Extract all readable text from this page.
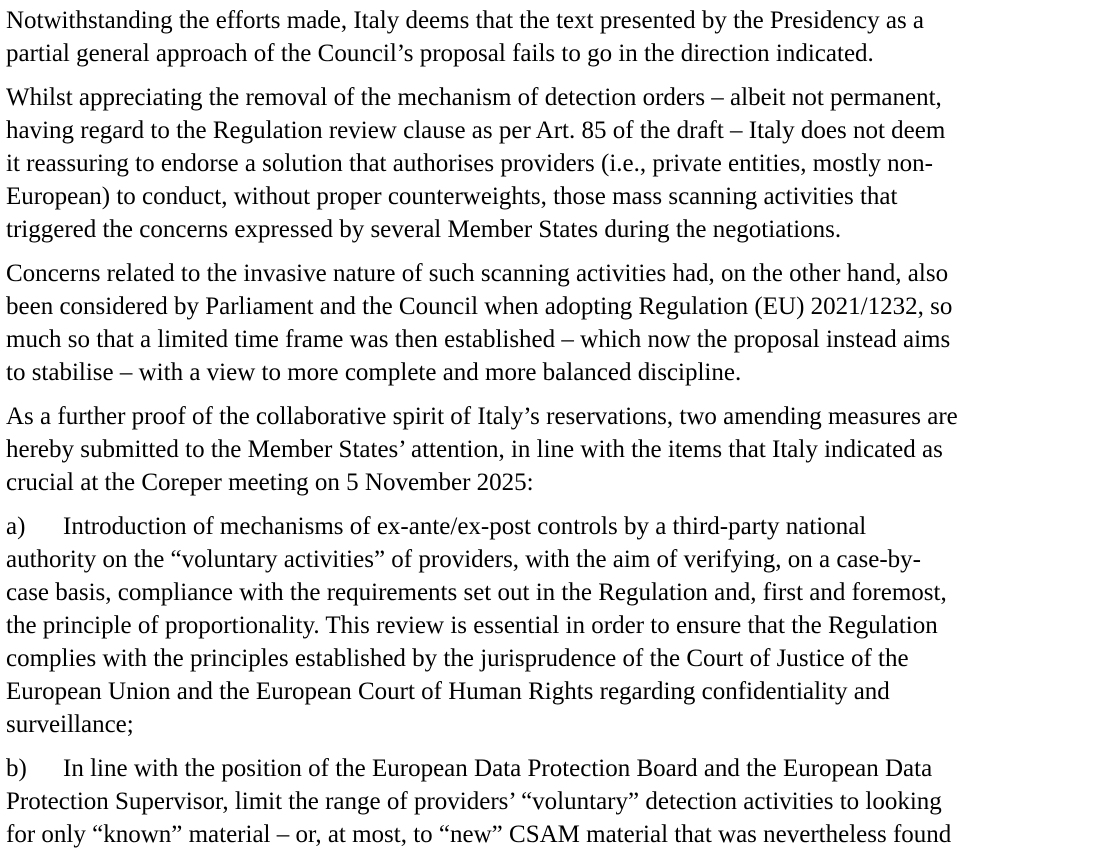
Notwithstanding the efforts made, Italy deems that the text presented by the Presidency as a
partial general approach of the Council’s proposal fails to go in the direction indicated.
Whilst appreciating the removal of the mechanism of detection orders – albeit not permanent,
having regard to the Regulation review clause as per Art. 85 of the draft – Italy does not deem
it reassuring to endorse a solution that authorises providers (i.e., private entities, mostly non-
European) to conduct, without proper counterweights, those mass scanning activities that
triggered the concerns expressed by several Member States during the negotiations.
Concerns related to the invasive nature of such scanning activities had, on the other hand, also
been considered by Parliament and the Council when adopting Regulation (EU) 2021/1232, so
much so that a limited time frame was then established – which now the proposal instead aims
to stabilise – with a view to more complete and more balanced discipline.
As a further proof of the collaborative spirit of Italy’s reservations, two amending measures are
hereby submitted to the Member States’ attention, in line with the items that Italy indicated as
crucial at the Coreper meeting on 5 November 2025:
a) Introduction of mechanisms of ex-ante/ex-post controls by a third-party national
authority on the “voluntary activities” of providers, with the aim of verifying, on a case-by-
case basis, compliance with the requirements set out in the Regulation and, first and foremost,
the principle of proportionality. This review is essential in order to ensure that the Regulation
complies with the principles established by the jurisprudence of the Court of Justice of the
European Union and the European Court of Human Rights regarding confidentiality and
surveillance;
b) In line with the position of the European Data Protection Board and the European Data
Protection Supervisor, limit the range of providers’ “voluntary” detection activities to looking
for only “known” material – or, at most, to “new” CSAM material that was nevertheless found
